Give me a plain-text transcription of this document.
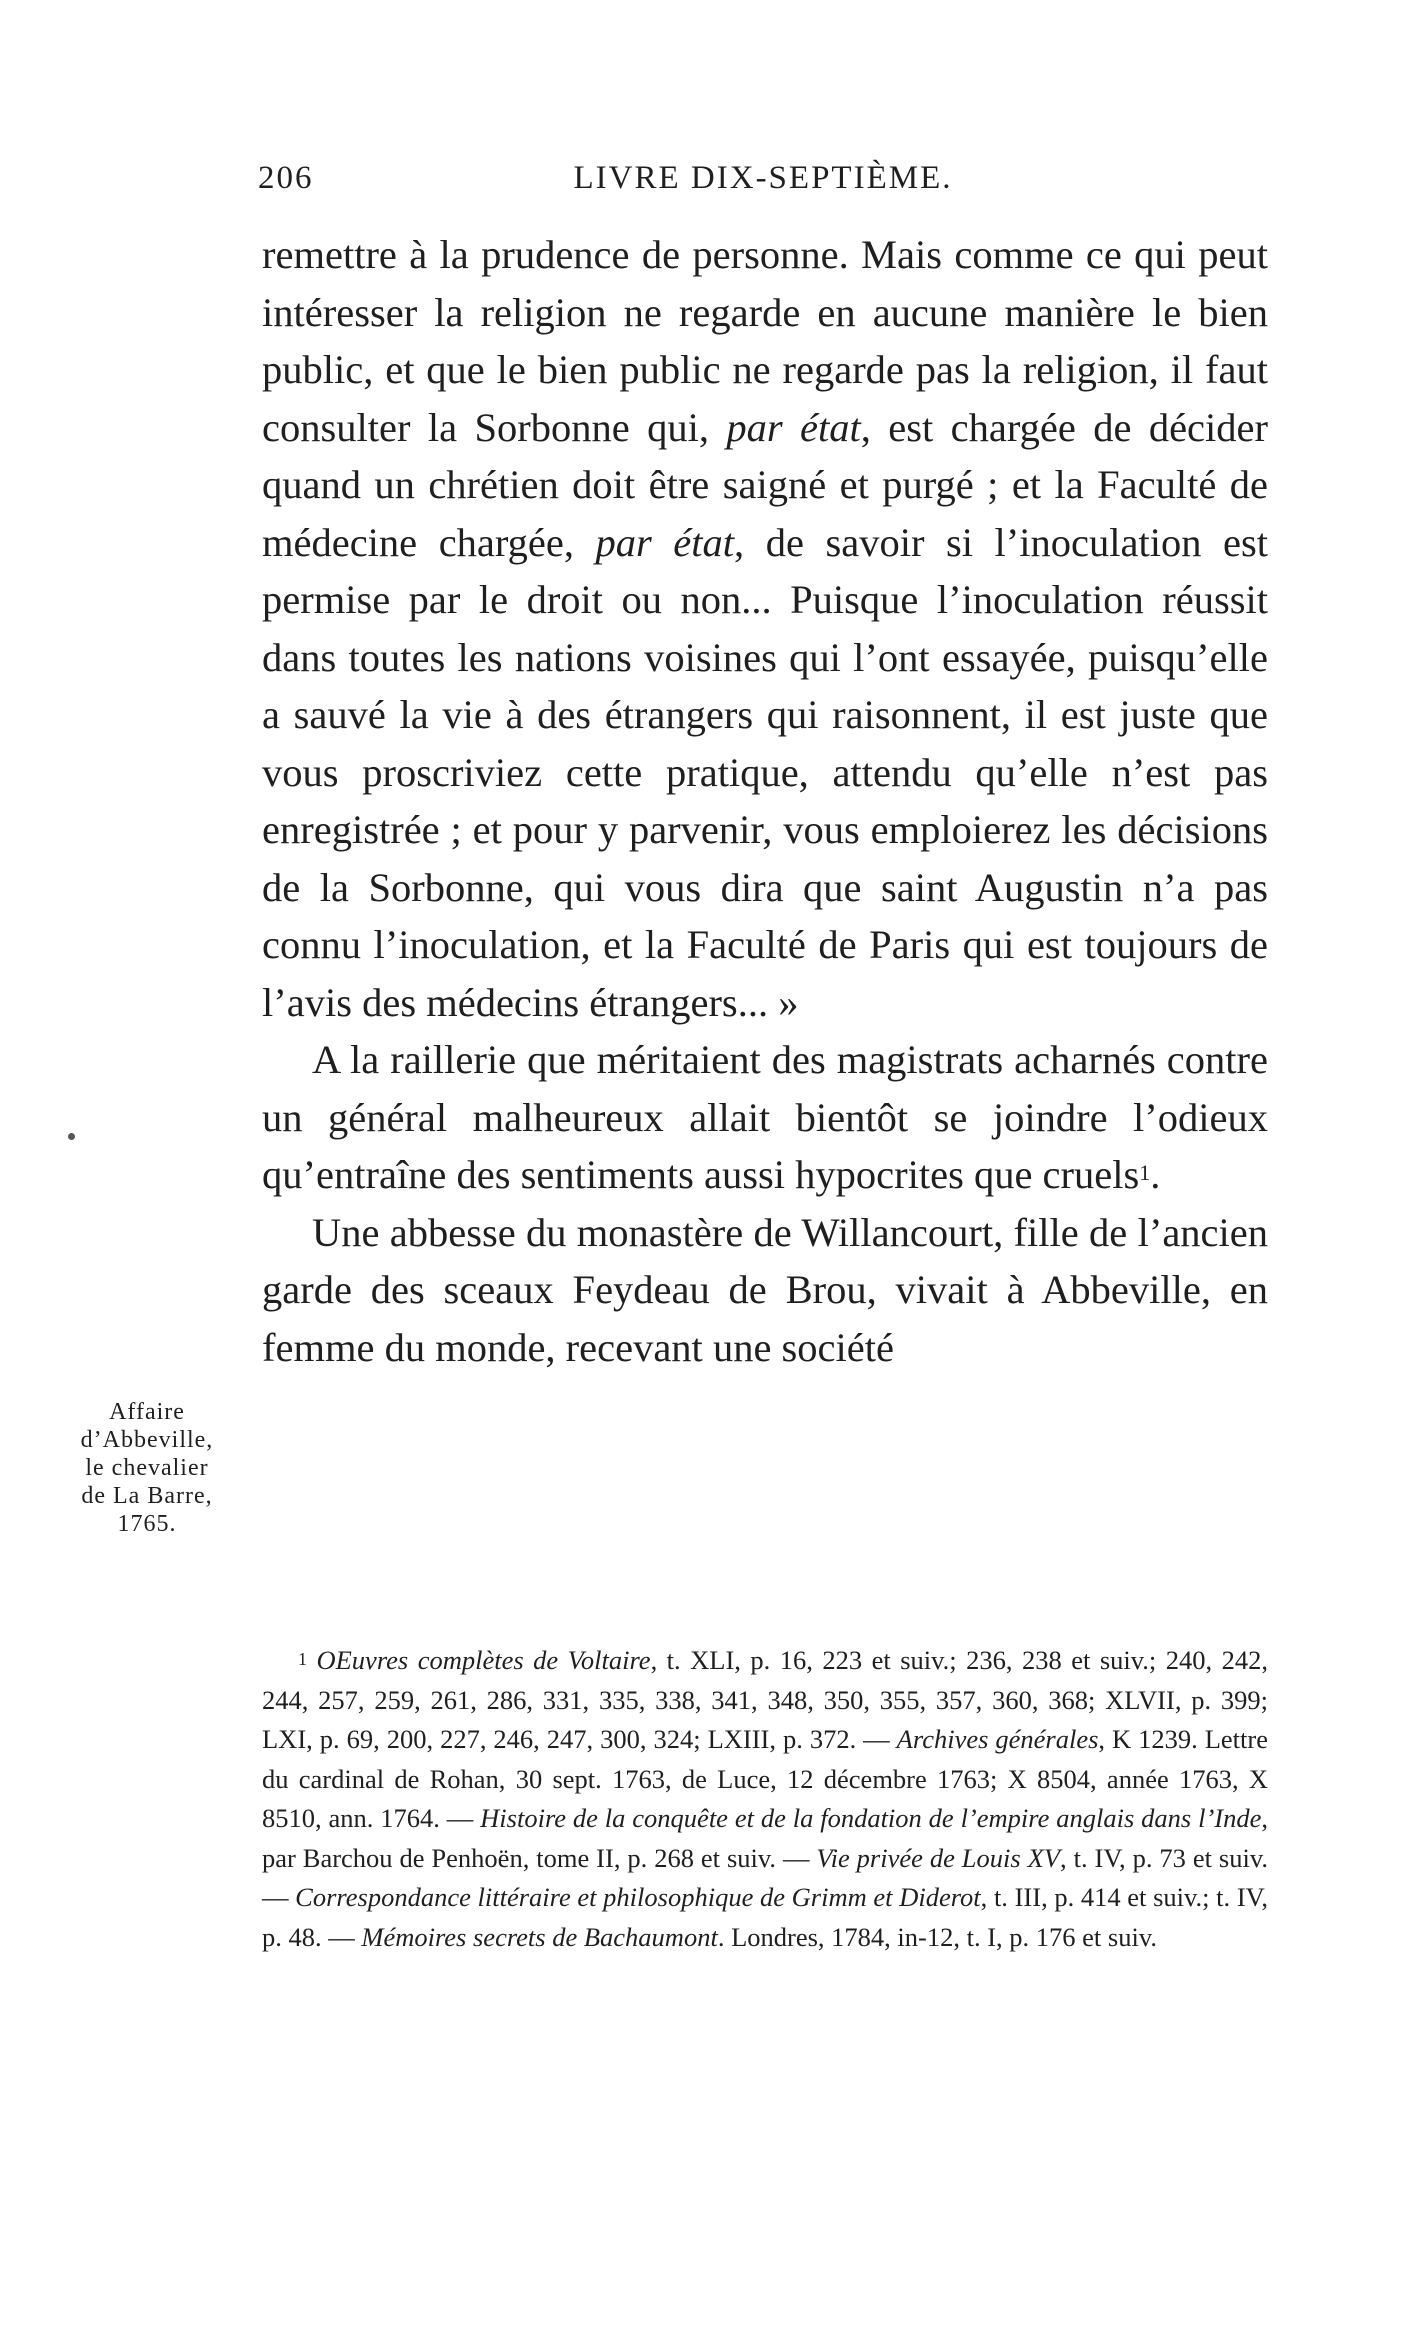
206	LIVRE DIX-SEPTIÈME.

remettre à la prudence de personne. Mais comme ce qui peut intéresser la religion ne regarde en aucune manière le bien public, et que le bien public ne regarde pas la religion, il faut consulter la Sorbonne qui, par état, est chargée de décider quand un chrétien doit être saigné et purgé ; et la Faculté de médecine chargée, par état, de savoir si l’inoculation est permise par le droit ou non... Puisque l’inoculation réussit dans toutes les nations voisines qui l’ont essayée, puisqu’elle a sauvé la vie à des étrangers qui raisonnent, il est juste que vous proscriviez cette pratique, attendu qu’elle n’est pas enregistrée ; et pour y parvenir, vous emploierez les décisions de la Sorbonne, qui vous dira que saint Augustin n’a pas connu l’inoculation, et la Faculté de Paris qui est toujours de l’avis des médecins étrangers... »

A la raillerie que méritaient des magistrats acharnés contre un général malheureux allait bientôt se joindre l’odieux qu’entraîne des sentiments aussi hypocrites que cruels$^1$.

Une abbesse du monastère de Willancourt, fille de l’ancien garde des sceaux Feydeau de Brou, vivait à Abbeville, en femme du monde, recevant une société

Affaire
d’Abbeville,
le chevalier
de La Barre,
1765.

$^1$ OEuvres complètes de Voltaire, t. XLI, p. 16, 223 et suiv.; 236, 238 et suiv.; 240, 242, 244, 257, 259, 261, 286, 331, 335, 338, 341, 348, 350, 355, 357, 360, 368; XLVII, p. 399; LXI, p. 69, 200, 227, 246, 247, 300, 324; LXIII, p. 372. — Archives générales, K 1239. Lettre du cardinal de Rohan, 30 sept. 1763, de Luce, 12 décembre 1763; X 8504, année 1763, X 8510, ann. 1764. — Histoire de la conquête et de la fondation de l’empire anglais dans l’Inde, par Barchou de Penhoën, tome II, p. 268 et suiv. — Vie privée de Louis XV, t. IV, p. 73 et suiv. — Correspondance littéraire et philosophique de Grimm et Diderot, t. III, p. 414 et suiv.; t. IV, p. 48. — Mémoires secrets de Bachaumont. Londres, 1784, in-12, t. I, p. 176 et suiv.
